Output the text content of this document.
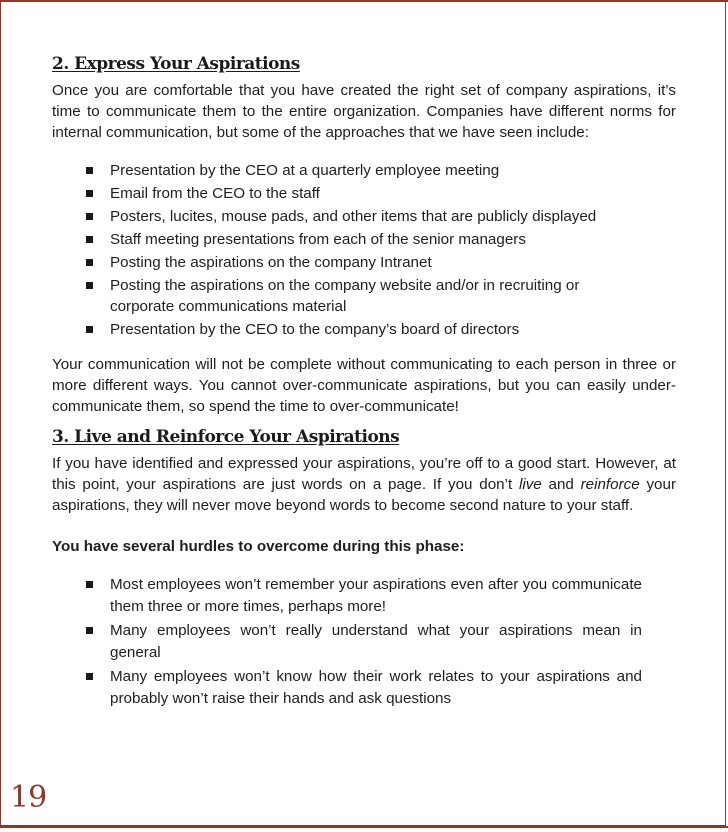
2. Express Your Aspirations

Once you are comfortable that you have created the right set of company aspirations, it’s time to communicate them to the entire organization. Companies have different norms for internal communication, but some of the approaches that we have seen include:

Presentation by the CEO at a quarterly employee meeting
Email from the CEO to the staff
Posters, lucites, mouse pads, and other items that are publicly displayed
Staff meeting presentations from each of the senior managers
Posting the aspirations on the company Intranet
Posting the aspirations on the company website and/or in recruiting or corporate communications material
Presentation by the CEO to the company’s board of directors

Your communication will not be complete without communicating to each person in three or more different ways. You cannot over-communicate aspirations, but you can easily under-communicate them, so spend the time to over-communicate!

3. Live and Reinforce Your Aspirations

If you have identified and expressed your aspirations, you’re off to a good start. However, at this point, your aspirations are just words on a page. If you don’t live and reinforce your aspirations, they will never move beyond words to become second nature to your staff.

You have several hurdles to overcome during this phase:

Most employees won’t remember your aspirations even after you communicate them three or more times, perhaps more!
Many employees won’t really understand what your aspirations mean in general
Many employees won’t know how their work relates to your aspirations and probably won’t raise their hands and ask questions
19
